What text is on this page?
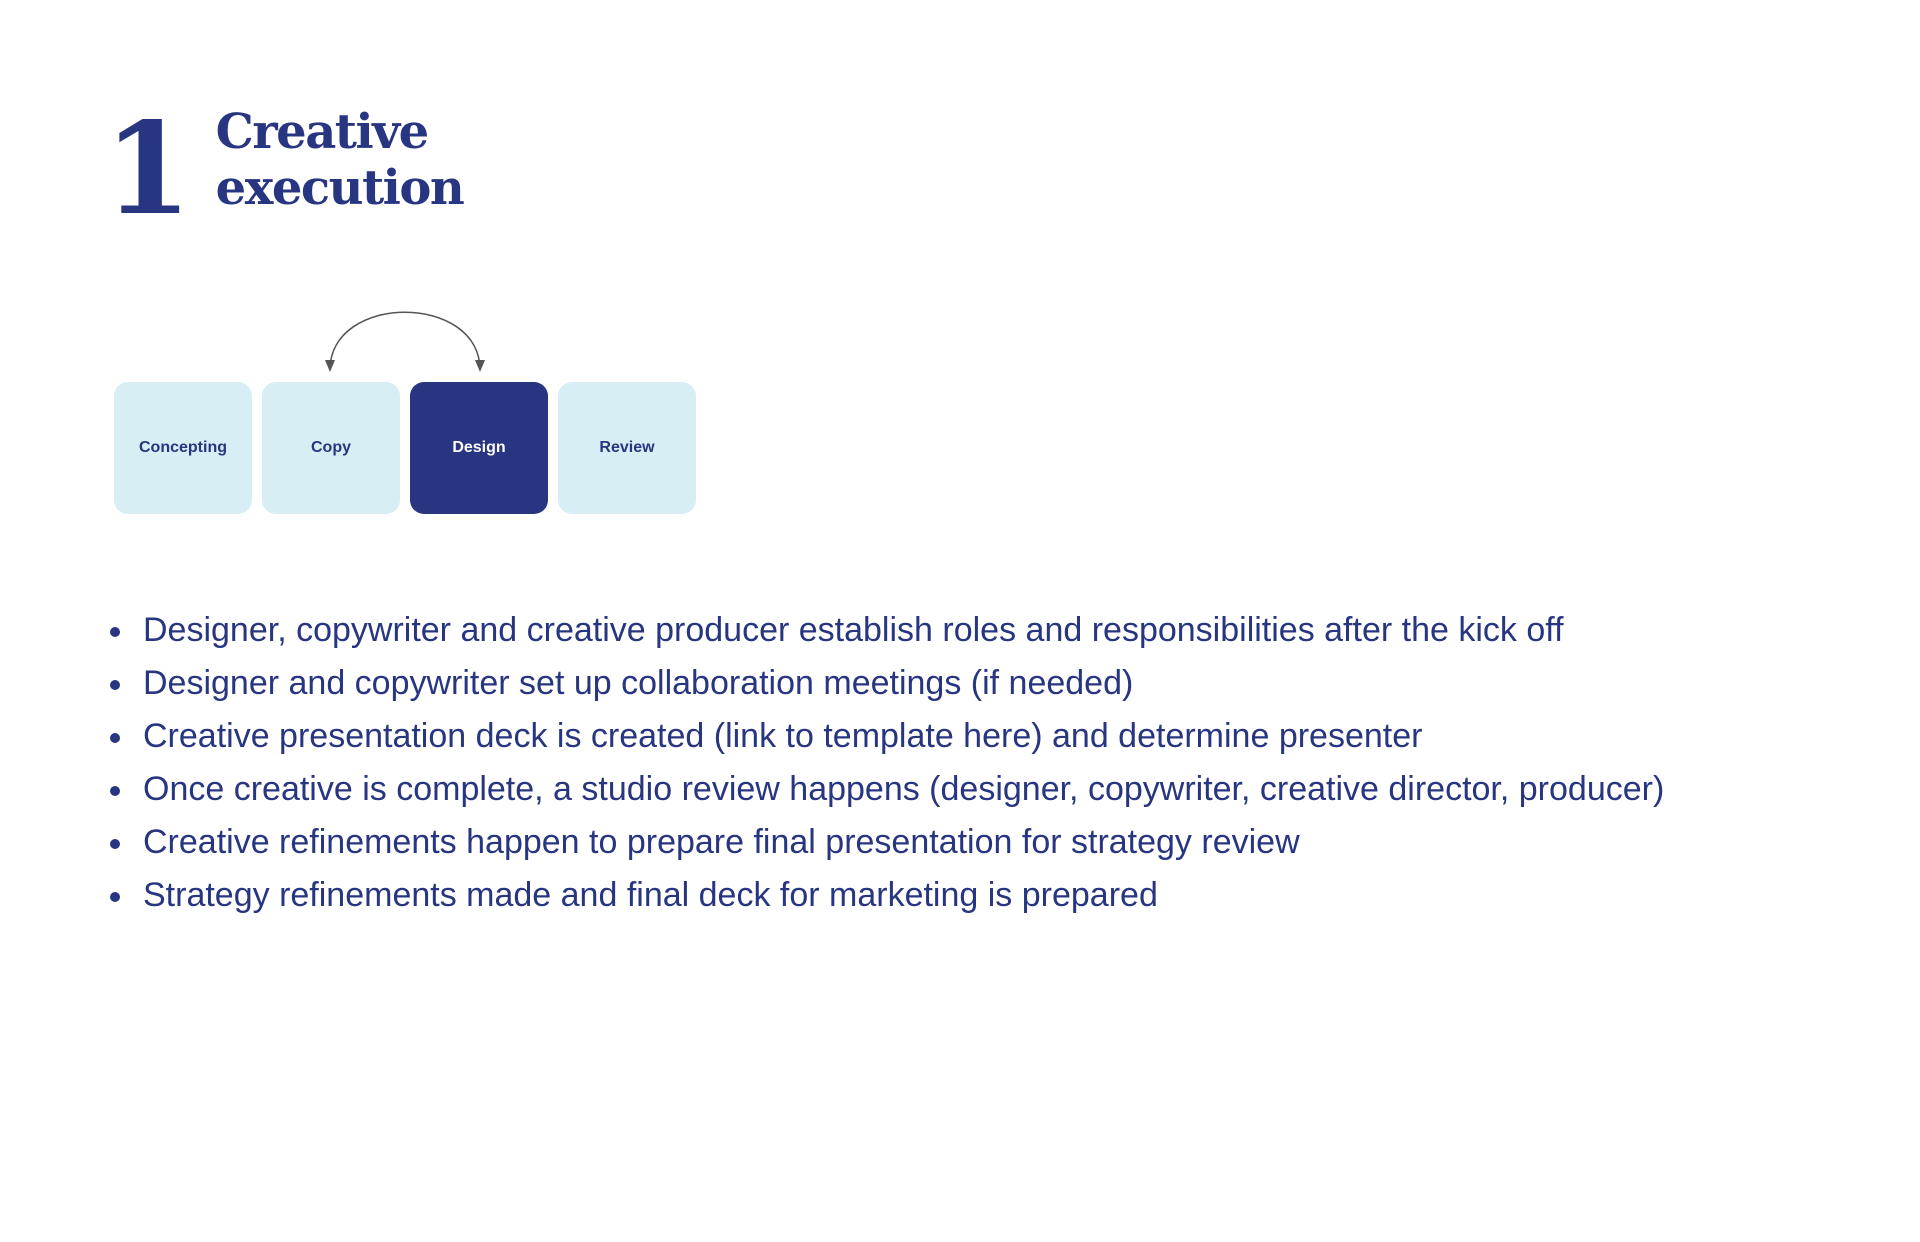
1 Creative
execution
Concepting	Copy	Design	Review
Designer, copywriter and creative producer establish roles and responsibilities after the kick off
Designer and copywriter set up collaboration meetings (if needed)
Creative presentation deck is created (link to template here) and determine presenter
Once creative is complete, a studio review happens (designer, copywriter, creative director, producer)
Creative refinements happen to prepare final presentation for strategy review
Strategy refinements made and final deck for marketing is prepared
